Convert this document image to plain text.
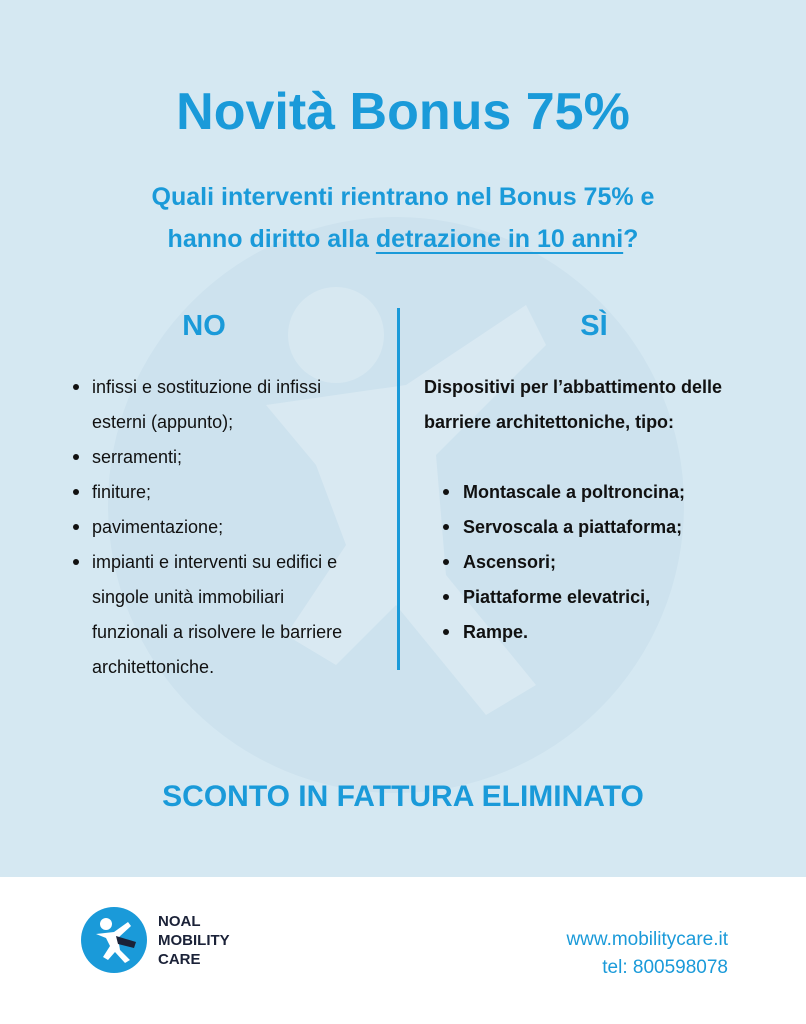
Novità Bonus 75%

Quali interventi rientrano nel Bonus 75% e
hanno diritto alla detrazione in 10 anni?

NO	SÌ
infissi e sostituzione di infissi esterni (appunto);
serramenti;
finiture;
pavimentazione;
impianti e interventi su edifici e singole unità immobiliari funzionali a risolvere le barriere architettoniche.

Dispositivi per l’abbattimento delle barriere architettoniche, tipo:

Montascale a poltroncina;
Servoscala a piattaforma;
Ascensori;
Piattaforme elevatrici,
Rampe.

SCONTO IN FATTURA ELIMINATO

NOAL
MOBILITY
CARE
www.mobilitycare.it
tel: 800598078
